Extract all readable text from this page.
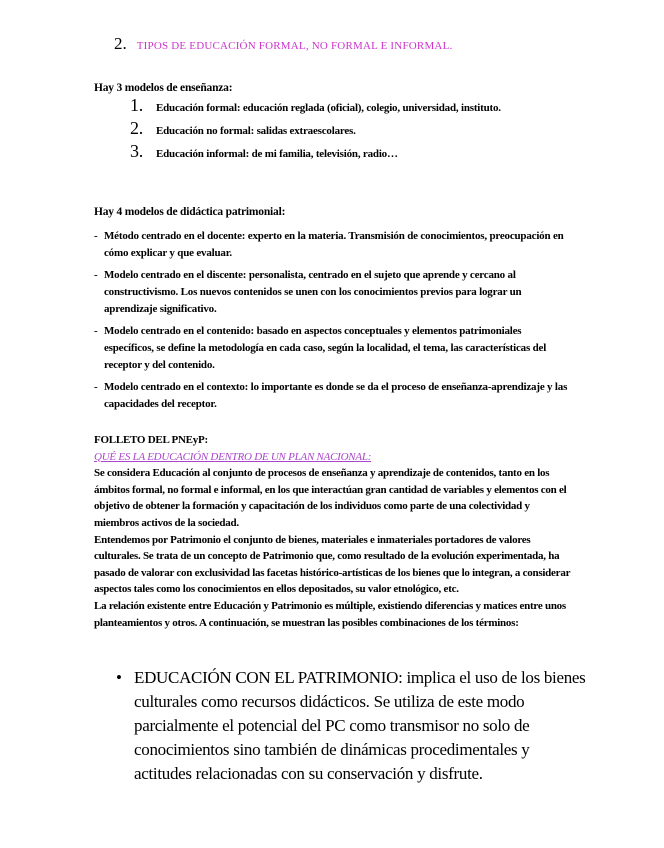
2. TIPOS DE EDUCACIÓN FORMAL, NO FORMAL E INFORMAL.
Hay 3 modelos de enseñanza:
1. Educación formal: educación reglada (oficial), colegio, universidad, instituto.
2. Educación no formal: salidas extraescolares.
3. Educación informal: de mi familia, televisión, radio…
Hay 4 modelos de didáctica patrimonial:
- Método centrado en el docente: experto en la materia. Transmisión de conocimientos, preocupación en cómo explicar y que evaluar.
- Modelo centrado en el discente: personalista, centrado en el sujeto que aprende y cercano al constructivismo. Los nuevos contenidos se unen con los conocimientos previos para lograr un aprendizaje significativo.
- Modelo centrado en el contenido: basado en aspectos conceptuales y elementos patrimoniales específicos, se define la metodología en cada caso, según la localidad, el tema, las características del receptor y del contenido.
- Modelo centrado en el contexto: lo importante es donde se da el proceso de enseñanza-aprendizaje y las capacidades del receptor.
FOLLETO DEL PNEyP:
QUÉ ES LA EDUCACIÓN DENTRO DE UN PLAN NACIONAL:
Se considera Educación al conjunto de procesos de enseñanza y aprendizaje de contenidos, tanto en los ámbitos formal, no formal e informal, en los que interactúan gran cantidad de variables y elementos con el objetivo de obtener la formación y capacitación de los individuos como parte de una colectividad y miembros activos de la sociedad.
Entendemos por Patrimonio el conjunto de bienes, materiales e inmateriales portadores de valores culturales. Se trata de un concepto de Patrimonio que, como resultado de la evolución experimentada, ha pasado de valorar con exclusividad las facetas histórico-artísticas de los bienes que lo integran, a considerar aspectos tales como los conocimientos en ellos depositados, su valor etnológico, etc.
La relación existente entre Educación y Patrimonio es múltiple, existiendo diferencias y matices entre unos planteamientos y otros. A continuación, se muestran las posibles combinaciones de los términos:
• EDUCACIÓN CON EL PATRIMONIO: implica el uso de los bienes culturales como recursos didácticos. Se utiliza de este modo parcialmente el potencial del PC como transmisor no solo de conocimientos sino también de dinámicas procedimentales y actitudes relacionadas con su conservación y disfrute.
